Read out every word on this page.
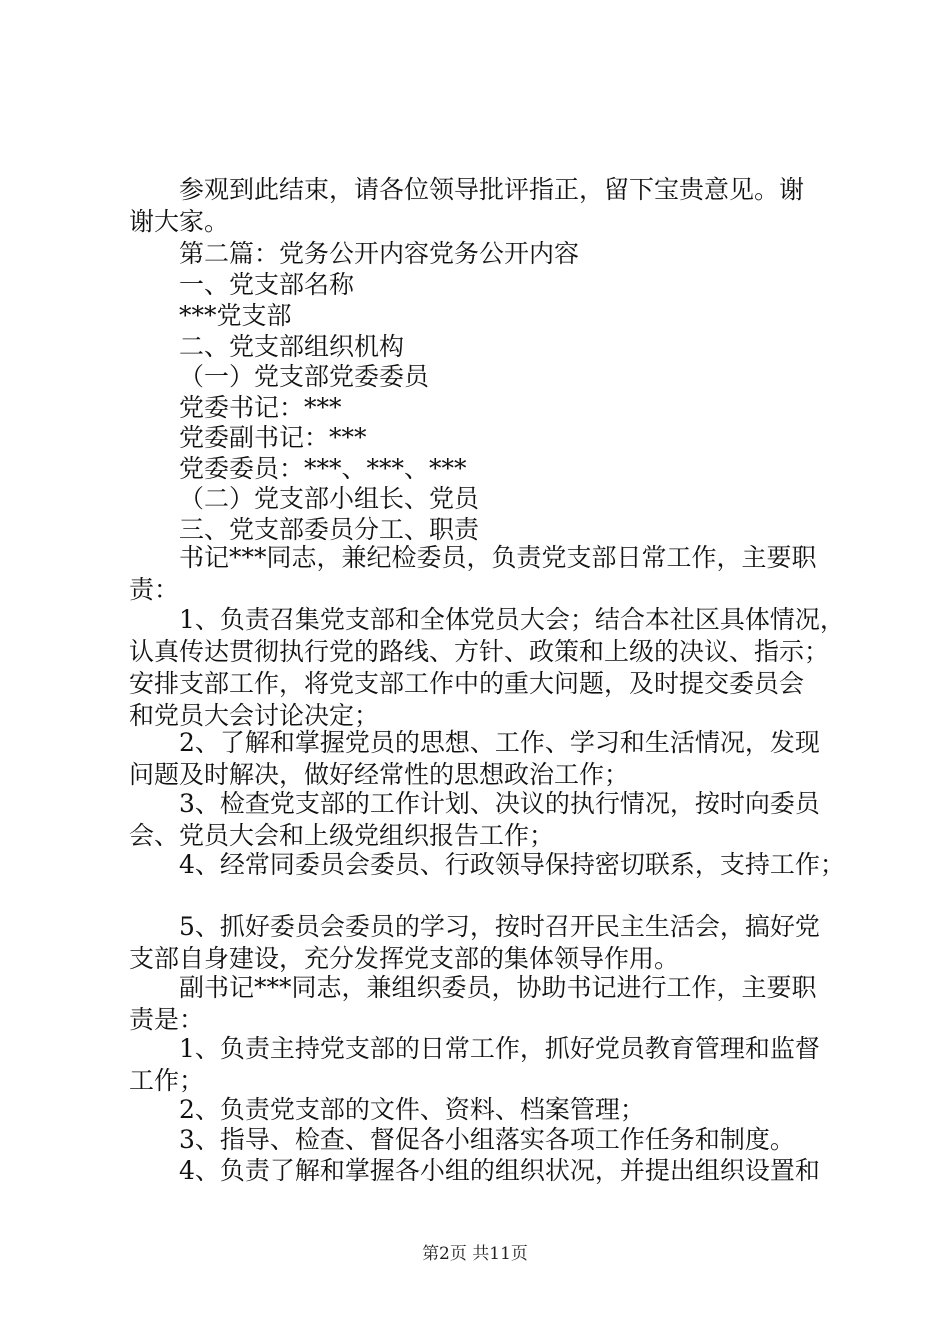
参观到此结束，请各位领导批评指正，留下宝贵意见。谢
谢大家。
第二篇：党务公开内容党务公开内容
一、党支部名称
***党支部
二、党支部组织机构
（一）党支部党委委员
党委书记：***
党委副书记：***
党委委员：***、***、***
（二）党支部小组长、党员
三、党支部委员分工、职责
书记***同志，兼纪检委员，负责党支部日常工作，主要职
责：
1、负责召集党支部和全体党员大会；结合本社区具体情况，
认真传达贯彻执行党的路线、方针、政策和上级的决议、指示；
安排支部工作，将党支部工作中的重大问题，及时提交委员会
和党员大会讨论决定；
2、了解和掌握党员的思想、工作、学习和生活情况，发现
问题及时解决，做好经常性的思想政治工作；
3、检查党支部的工作计划、决议的执行情况，按时向委员
会、党员大会和上级党组织报告工作；
4、经常同委员会委员、行政领导保持密切联系，支持工作；
5、抓好委员会委员的学习，按时召开民主生活会，搞好党
支部自身建设，充分发挥党支部的集体领导作用。
副书记***同志，兼组织委员，协助书记进行工作，主要职
责是：
1、负责主持党支部的日常工作，抓好党员教育管理和监督
工作；
2、负责党支部的文件、资料、档案管理；
3、指导、检查、督促各小组落实各项工作任务和制度。
4、负责了解和掌握各小组的组织状况，并提出组织设置和
第2页 共11页
